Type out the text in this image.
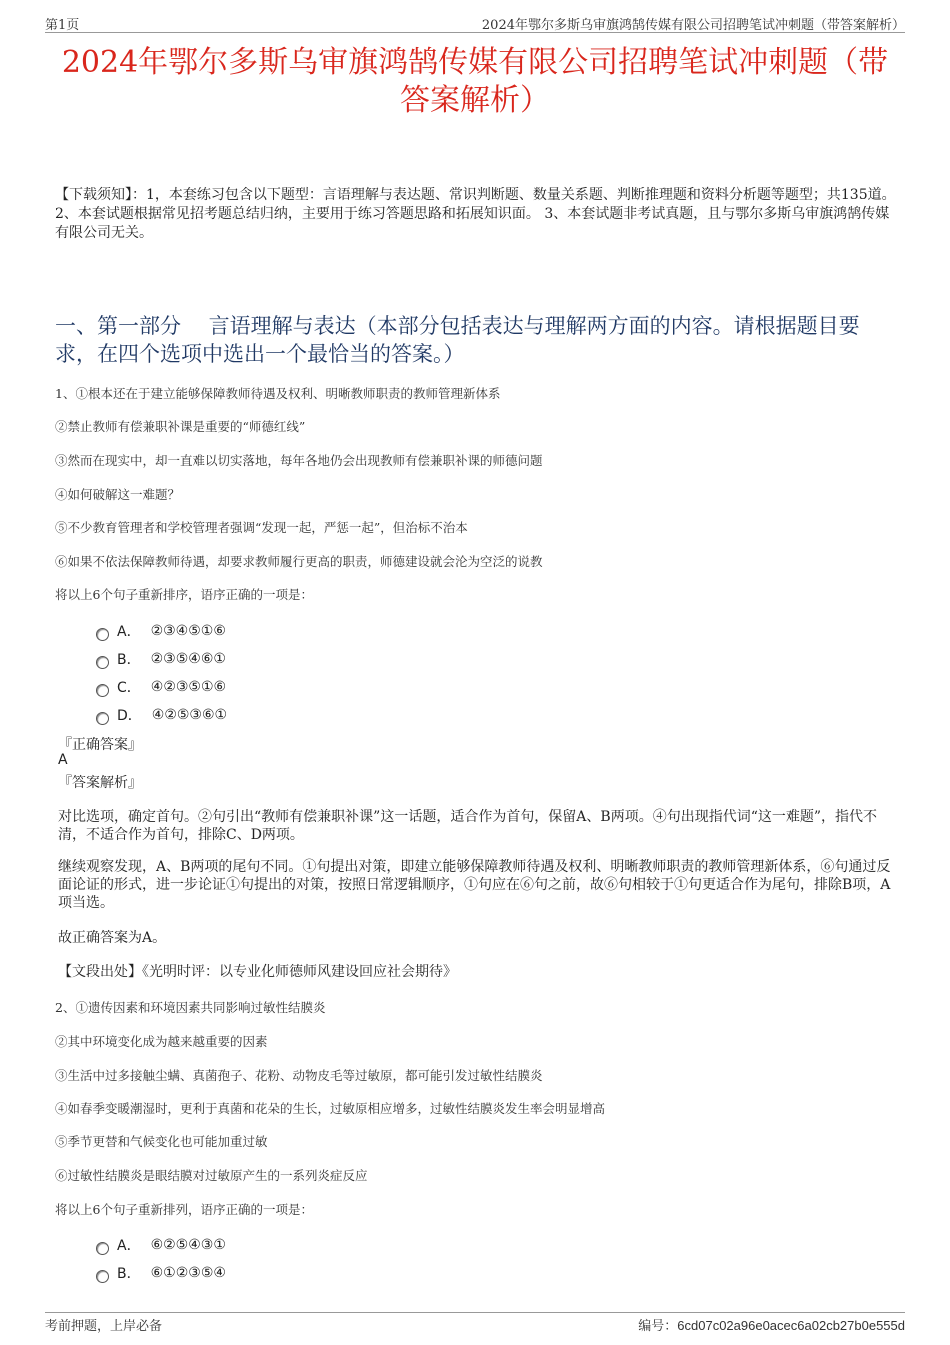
第1页	2024年鄂尔多斯乌审旗鸿鹄传媒有限公司招聘笔试冲刺题（带答案解析）
2024年鄂尔多斯乌审旗鸿鹄传媒有限公司招聘笔试冲刺题（带
答案解析）
【下载须知】：1，本套练习包含以下题型：言语理解与表达题、常识判断题、数量关系题、判断推理题和资料分析题等题型；共135道。 2、本套试题根据常见招考题总结归纳，主要用于练习答题思路和拓展知识面。 3、本套试题非考试真题，且与鄂尔多斯乌审旗鸿鹄传媒有限公司无关。
一、第一部分　 言语理解与表达（本部分包括表达与理解两方面的内容。请根据题目要求，在四个选项中选出一个最恰当的答案。）
1、①根本还在于建立能够保障教师待遇及权利、明晰教师职责的教师管理新体系
②禁止教师有偿兼职补课是重要的“师德红线”
③然而在现实中，却一直难以切实落地，每年各地仍会出现教师有偿兼职补课的师德问题
④如何破解这一难题？
⑤不少教育管理者和学校管理者强调“发现一起，严惩一起”，但治标不治本
⑥如果不依法保障教师待遇，却要求教师履行更高的职责，师德建设就会沦为空泛的说教
将以上6个句子重新排序，语序正确的一项是：
A． ②③④⑤①⑥
B． ②③⑤④⑥①
C． ④②③⑤①⑥
D． ④②⑤③⑥①
『正确答案』
A
『答案解析』
对比选项，确定首句。②句引出“教师有偿兼职补课”这一话题，适合作为首句，保留A、B两项。④句出现指代词“这一难题”，指代不清，不适合作为首句，排除C、D两项。
继续观察发现，A、B两项的尾句不同。①句提出对策，即建立能够保障教师待遇及权利、明晰教师职责的教师管理新体系，⑥句通过反面论证的形式，进一步论证①句提出的对策，按照日常逻辑顺序，①句应在⑥句之前，故⑥句相较于①句更适合作为尾句，排除B项，A项当选。
故正确答案为A。
【文段出处】《光明时评：以专业化师德师风建设回应社会期待》
2、①遗传因素和环境因素共同影响过敏性结膜炎
②其中环境变化成为越来越重要的因素
③生活中过多接触尘螨、真菌孢子、花粉、动物皮毛等过敏原，都可能引发过敏性结膜炎
④如春季变暖潮湿时，更利于真菌和花朵的生长，过敏原相应增多，过敏性结膜炎发生率会明显增高
⑤季节更替和气候变化也可能加重过敏
⑥过敏性结膜炎是眼结膜对过敏原产生的一系列炎症反应
将以上6个句子重新排列，语序正确的一项是：
A． ⑥②⑤④③①
B． ⑥①②③⑤④
考前押题，上岸必备	编号：6cd07c02a96e0acec6a02cb27b0e555d
